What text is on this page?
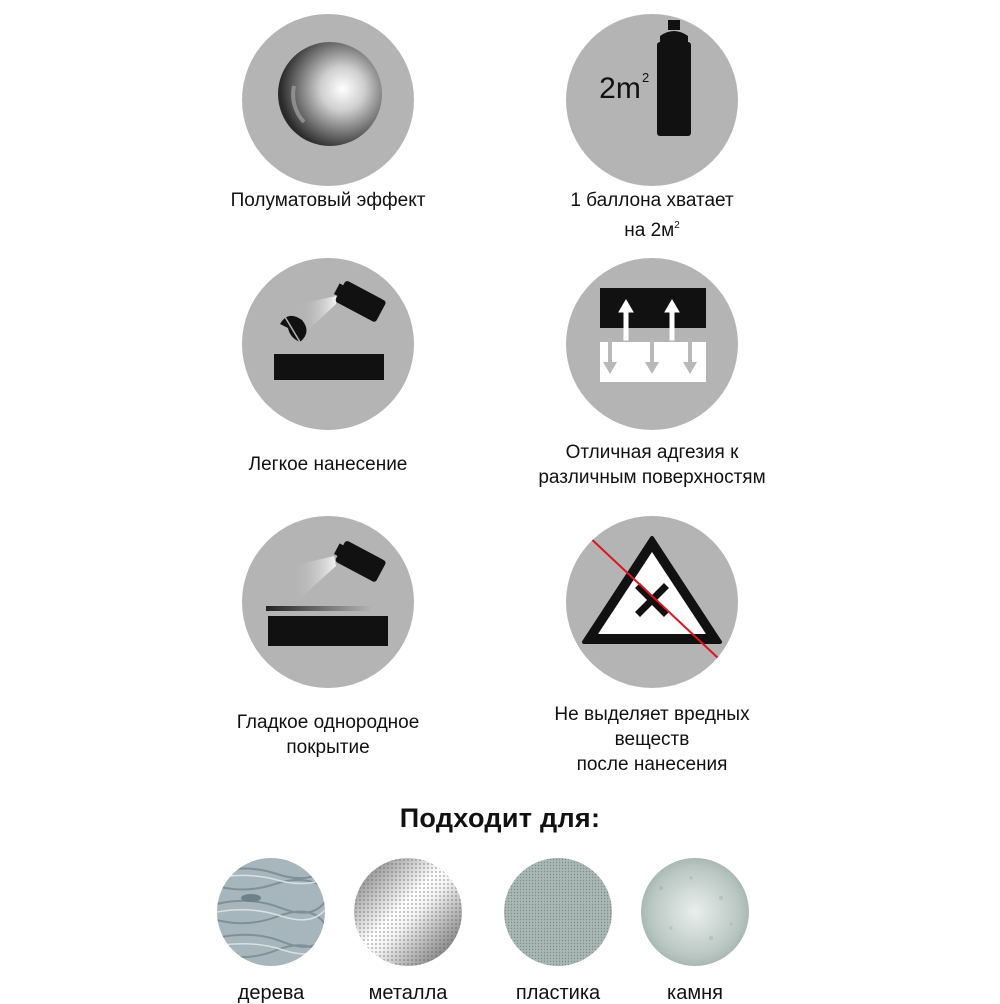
Полуматовый эффект
2m 2
1 баллона хватает
на $2м^2$
Легкое нанесение
Отличная адгезия к
различным поверхностям
Гладкое однородное
покрытие
Не выделяет вредных
веществ
после нанесения
Подходит для:
дерева	металла	пластика	камня
